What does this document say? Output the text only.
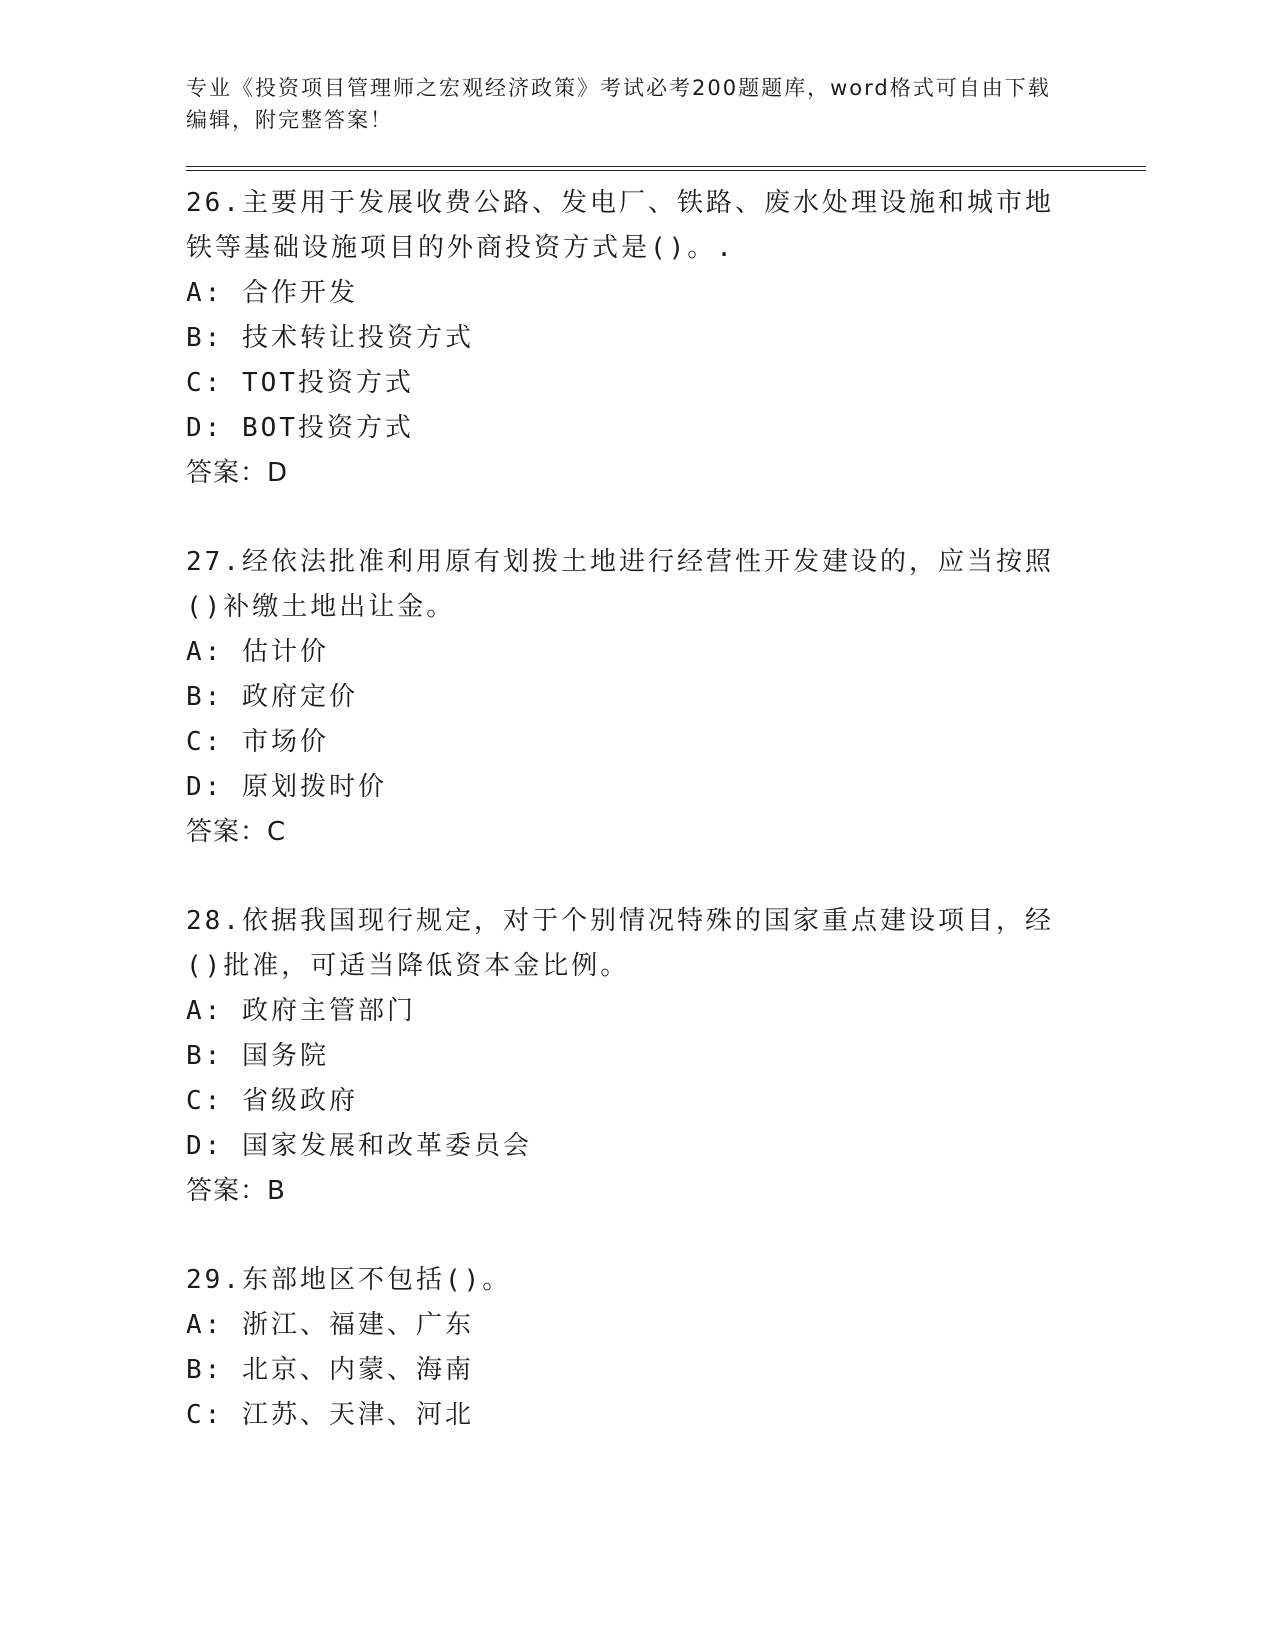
专业《投资项目管理师之宏观经济政策》考试必考200题题库，word格式可自由下载编辑，附完整答案！

26.主要用于发展收费公路、发电厂、铁路、废水处理设施和城市地铁等基础设施项目的外商投资方式是()。.

A: 合作开发

B: 技术转让投资方式

C: TOT投资方式

D: BOT投资方式

答案：D

27.经依法批准利用原有划拨土地进行经营性开发建设的，应当按照()补缴土地出让金。

A: 估计价

B: 政府定价

C: 市场价

D: 原划拨时价

答案：C

28.依据我国现行规定，对于个别情况特殊的国家重点建设项目，经()批准，可适当降低资本金比例。

A: 政府主管部门

B: 国务院

C: 省级政府

D: 国家发展和改革委员会

答案：B

29.东部地区不包括()。

A: 浙江、福建、广东

B: 北京、内蒙、海南

C: 江苏、天津、河北
